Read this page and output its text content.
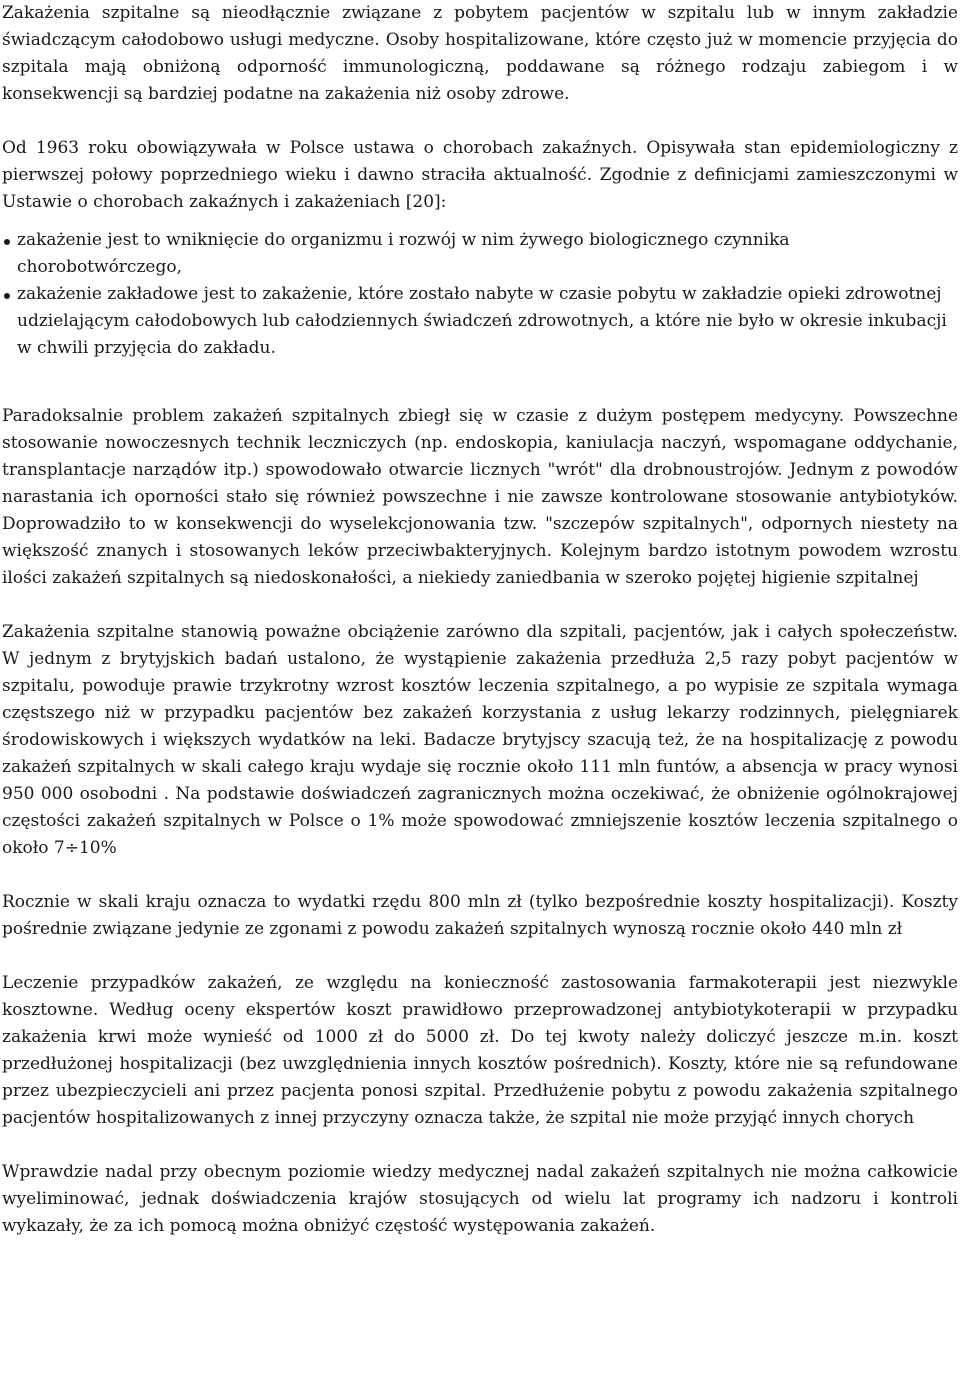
Zakażenia szpitalne są nieodłącznie związane z pobytem pacjentów w szpitalu lub w innym zakładzie świadczącym całodobowo usługi medyczne. Osoby hospitalizowane, które często już w momencie przyjęcia do szpitala mają obniżoną odporność immunologiczną, poddawane są różnego rodzaju zabiegom i w konsekwencji są bardziej podatne na zakażenia niż osoby zdrowe.

Od 1963 roku obowiązywała w Polsce ustawa o chorobach zakaźnych. Opisywała stan epidemiologiczny z pierwszej połowy poprzedniego wieku i dawno straciła aktualność. Zgodnie z definicjami zamieszczonymi w Ustawie o chorobach zakaźnych i zakażeniach [20]:

zakażenie jest to wniknięcie do organizmu i rozwój w nim żywego biologicznego czynnika chorobotwórczego,
zakażenie zakładowe jest to zakażenie, które zostało nabyte w czasie pobytu w zakładzie opieki zdrowotnej udzielającym całodobowych lub całodziennych świadczeń zdrowotnych, a które nie było w okresie inkubacji w chwili przyjęcia do zakładu.

Paradoksalnie problem zakażeń szpitalnych zbiegł się w czasie z dużym postępem medycyny. Powszechne stosowanie nowoczesnych technik leczniczych (np. endoskopia, kaniulacja naczyń, wspomagane oddychanie, transplantacje narządów itp.) spowodowało otwarcie licznych "wrót" dla drobnoustrojów. Jednym z powodów narastania ich oporności stało się również powszechne i nie zawsze kontrolowane stosowanie antybiotyków. Doprowadziło to w konsekwencji do wyselekcjonowania tzw. "szczepów szpitalnych", odpornych niestety na większość znanych i stosowanych leków przeciwbakteryjnych. Kolejnym bardzo istotnym powodem wzrostu ilości zakażeń szpitalnych są niedoskonałości, a niekiedy zaniedbania w szeroko pojętej higienie szpitalnej

Zakażenia szpitalne stanowią poważne obciążenie zarówno dla szpitali, pacjentów, jak i całych społeczeństw. W jednym z brytyjskich badań ustalono, że wystąpienie zakażenia przedłuża 2,5 razy pobyt pacjentów w szpitalu, powoduje prawie trzykrotny wzrost kosztów leczenia szpitalnego, a po wypisie ze szpitala wymaga częstszego niż w przypadku pacjentów bez zakażeń korzystania z usług lekarzy rodzinnych, pielęgniarek środowiskowych i większych wydatków na leki. Badacze brytyjscy szacują też, że na hospitalizację z powodu zakażeń szpitalnych w skali całego kraju wydaje się rocznie około 111 mln funtów, a absencja w pracy wynosi 950 000 osobodni . Na podstawie doświadczeń zagranicznych można oczekiwać, że obniżenie ogólnokrajowej częstości zakażeń szpitalnych w Polsce o 1% może spowodować zmniejszenie kosztów leczenia szpitalnego o około 7÷10%

Rocznie w skali kraju oznacza to wydatki rzędu 800 mln zł (tylko bezpośrednie koszty hospitalizacji). Koszty pośrednie związane jedynie ze zgonami z powodu zakażeń szpitalnych wynoszą rocznie około 440 mln zł

Leczenie przypadków zakażeń, ze względu na konieczność zastosowania farmakoterapii jest niezwykle kosztowne. Według oceny ekspertów koszt prawidłowo przeprowadzonej antybiotykoterapii w przypadku zakażenia krwi może wynieść od 1000 zł do 5000 zł. Do tej kwoty należy doliczyć jeszcze m.in. koszt przedłużonej hospitalizacji (bez uwzględnienia innych kosztów pośrednich). Koszty, które nie są refundowane przez ubezpieczycieli ani przez pacjenta ponosi szpital. Przedłużenie pobytu z powodu zakażenia szpitalnego pacjentów hospitalizowanych z innej przyczyny oznacza także, że szpital nie może przyjąć innych chorych

Wprawdzie nadal przy obecnym poziomie wiedzy medycznej nadal zakażeń szpitalnych nie można całkowicie wyeliminować, jednak doświadczenia krajów stosujących od wielu lat programy ich nadzoru i kontroli wykazały, że za ich pomocą można obniżyć częstość występowania zakażeń.
